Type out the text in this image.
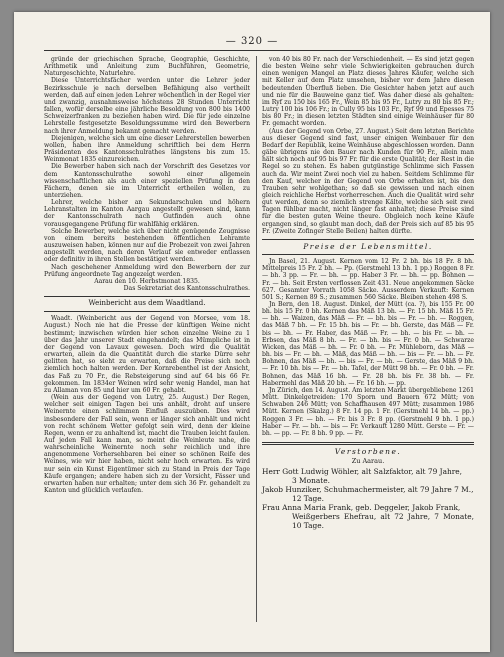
— 320 —

gründe der griechischen Sprache, Geographie, Geschichte, Arithmetik und Anleitung zum Buchführen, Geometrie, Naturgeschichte, Naturlehre.

Diese Unterrichtsfächer werden unter die Lehrer jeder Bezirksschule je nach derselben Befähigung also vertheilt werden, daß auf einen jeden Lehrer wöchentlich in der Regel vier und zwanzig, ausnahmsweise höchstens 28 Stunden Unterricht fallen, wofür derselbe eine jährliche Besoldung von 800 bis 1400 Schweizerfranken zu beziehen haben wird. Die für jede einzelne Lehrstelle festgesetzte Besoldungssumme wird den Bewerbern nach ihrer Anmeldung bekannt gemacht werden.

Diejenigen, welche sich um eine dieser Lehrerstellen bewerben wollen, haben ihre Anmeldung schriftlich bei dem Herrn Präsidenten des Kantonsschulrathes längstens bis zum 15. Weinmonat 1835 einzureichen.

Die Bewerber haben sich nach der Vorschrift des Gesetzes vor dem Kantonsschulrathe sowohl einer allgemein wissenschaftlichen als auch einer speziellen Prüfung in den Fächern, denen sie im Unterricht ertheilen wollen, zu unterziehen.

Lehrer, welche bisher an Sekundarschulen und höhern Lehranstalten im Kanton Aargau angestellt gewesen sind, kann der Kantonsschulrath nach Gutfinden auch ohne vorausgegangene Prüfung für wahlfähig erklären.

Solche Bewerber, welche sich über nicht genügende Zeugnisse von einem bereits bestehenden öffentlichen Lehramte auszuweisen haben, können nur auf die Probezeit von zwei Jahren angestellt werden, nach deren Verlauf sie entweder entlassen oder definitiv in ihren Stellen bestätiget werden.

Nach geschehener Anmeldung wird den Bewerbern der zur Prüfung angeordnete Tag angezeigt werden.

Aarau den 10. Herbstmonat 1835.

Das Sekretariat des Kantonsschulrathes.

Weinbericht aus dem Waadtland.

Waadt. (Weinbericht aus der Gegend von Morsee, vom 18. August.) Noch nie hat die Presse der künftigen Weine nicht bestimmt; inzwischen würden hier schon einzelne Weine zu 1 über das Jahr unserer Stadt eingehandelt; das Mümpliche ist in der Gegend von Lavaux gewesen. Doch wird die Qualität erwarten, allein da die Quantität durch die starke Dürre sehr gelitten hat, so sieht zu erwarten, daß die Preise sich noch ziemlich hoch halten werden. Der Kornrebenthel ist der Ansicht, das Faß zu 70 Fr., die Rebsteigerung sind auf 64 bis 66 Fr. gekommen. Im 1834er Weinen wird sehr wenig Handel, man hat zu Allaman von 85 und hier um 60 Fr. gehabt.

(Wein aus der Gegend von Lutry, 25. August.) Der Regen, welcher seit einigen Tagen bei uns anhält, droht auf unsere Weinernte einen schlimmen Einfluß auszuüben. Dies wird insbesondere der Fall sein, wenn er länger sich anhält und nicht von recht schönem Wetter gefolgt sein wird, denn der kleine Regen, wenn er zu anhaltend ist, macht die Trauben leicht faulen. Auf jeden Fall kann man, so meint die Weinleute nahe, die wahrscheinliche Weinernte noch sehr reichlich und ihre angenommene Vorhersehbaren bei einer so schönen Reife des Weines, wie wir hier haben, nicht sehr hoch erwarten. Es wird nur sein ein Kunst Eigentümer sich zu Stand in Preis der Tage Käufe ergangen; andere haben sich zu der Vorsicht, Fässer und erwarten haben nur erhalten; unter dem sich 36 Fr. gehandelt zu Kanton und glücklich verlaufen.

von 40 bis 80 Fr. nach der Verschiedenheit. — Es sind jetzt gegen die besten Weine sehr viele Schwierigkeiten gebrauchen durch einen wenigen Mangel an Platz dieses Jahres Käufer, welche sich mit Keller auf dem Platz umsehen, bisher vor dem Jahre diesen bedeutenden Überfluß lieben. Die Gesichter haben jetzt auf auch und nie für die Bauweine ganz tief. Was daher diese als gehalten: im Ryf zu 150 bis 165 Fr., Wein 85 bis 95 Fr., Lutry zu 80 bis 85 Fr.; Lutry 100 bis 106 Fr.; in Cully 95 bis 103 Fr., Ryf 99 und Epesses 75 bis 80 Fr.; in diesen letzten Städten sind einige Weinhäuser für 80 Fr. gemacht worden.

(Aus der Gegend von Orbe, 27. August.) Seit dem letzten Berichte aus dieser Gegend sind fast, unser einigen Weinbauer für den Bedarf der Republik, keine Weinhäuse abgeschlossen worden. Dann gäbe übrigens nie den Bauer nach Kunden für 90 Fr., allein man hält sich noch auf 95 bis 97 Fr. für die erste Qualität; der Rest in die Regel so zu stehen. Es haben gutgünstige Schlimme sich Fassen auch da. Wir meint Zwei noch viel zu haben. Seitdem Schlimme für den Kauf, welcher in der Gegend von Orbe erhalten ist, bis den Trauben sehr wohlgethan; so daß sie gewissen und nach einen gleich reichliche Herbst vorherreschen. Auch die Qualität wird sehr gut werden, denn so ziemlich strenge Kälte, welche sich seit zwei Tagen fühlbar macht, nicht länger fast anhaltet; diese Preise sind für die besten guten Weine theure. Obgleich noch keine Käufe ergangen sind, so glaubt man doch, daß der Preis sich auf 85 bis 95 Fr. (Zweite Zofinger Stelle Beilen) halten dürfte.

Preise der Lebensmittel.

Jn Basel, 21. August. Kernen vom 12 Fr. 2 bh. bis 18 Fr. 8 bh. Mittelpreis 15 Fr. 2 bh. — Pp. (Gerstmehl 13 bh. 1 pp.) Roggen 8 Fr. — bh. 3 pp. — Fr. — bh. — pp. Haber 3 Fr. — bh. — pp. Bohnen — Fr. — bh. Seit Ersten verflossen Zeit 431. Neue angekommen Säcke 627. Gesamter Vorrath 1058 Säcke. Ausserdem Verkauft: Kernen 501 S.; Kernen 89 S.; zusammen 560 Säcke. Bleiben stehen 498 S.

Jn Bern, den 18. August. Dinkel, der Mütt (ca. ?), bis 155 Fr. 00 bh. bis 15 Fr. 0 bh. Kernen das Mäß 13 bh. — Fr. 15 bh. Mäß 15 Fr. — bh. — Waizen, das Mäß — Fr. — bh. bis — Fr. — bh. — Roggen, das Mäß 7 bh. — Fr. 15 bh. bis — Fr. — bh. Gerste, das Mäß — Fr. bis — bh. — Fr. Haber, das Mäß — Fr. — bh. — bis Fr. — bh. — Erbsen, das Mäß 8 bh. — Fr. — bh. bis — Fr. 0 bh. — Schwarze Wicken, das Mäß — bh. — Fr. 0 bh. — Fr. Mühleborn, das Mäß — bh. bis — Fr. — bh. — Mäß, das Mäß — bh. — bis — Fr. — bh. — Fr. Bohnen, das Mäß — bh. — bis — Fr. — bh. — Gerste, das Mäß 9 bh. — Fr. 10 bh. bis — Fr. — bh. Tafel, der Mütt 98 bh. — Fr. 0 bh. — Fr. Bohnen, das Mäß 16 bh. — Fr. 28 bh. bis Fr. 38 bh. — Fr. Habermehl das Mäß 20 bh. — Fr. 16 bh. — pp.

Jn Zürich, den 14. August. Am letzten Markt übergebliebene 1261 Mütt. Dinkelgetreiden: 170 Sporn und Bauern 672 Mütt; von Schwaben 246 Mütt; von Schaffhausen 497 Mütt; zusammen 1986 Mütt. Kernen (Skalzg.) 8 Fr. 14 pp. 1 Fr. (Gerstmehl 14 bh. — pp.) Roggen 3 Fr. — bh. — Fr. bis 3 Fr. 8 pp. (Gerstmehl 9 bh. 1 pp.) Haber — Fr. — bh. — bis — Fr. Verkauft 1280 Mütt. Gerste — Fr. — bh. — pp. — Fr. 8 bh. 9 pp. — Fr.

Verstorbene.
Zu Aarau.

Herr Gott Ludwig Wöhler, alt Salzfaktor, alt 79 Jahre,

3 Monate.

Jakob Hunziker, Schuhmachermeister, alt 79 Jahre 7 M.,

12 Tage.

Frau Anna Maria Frank, geb. Deggeler, Jakob Frank,

Weißgerbers Ehefrau, alt 72 Jahre, 7 Monate, 10 Tage.
